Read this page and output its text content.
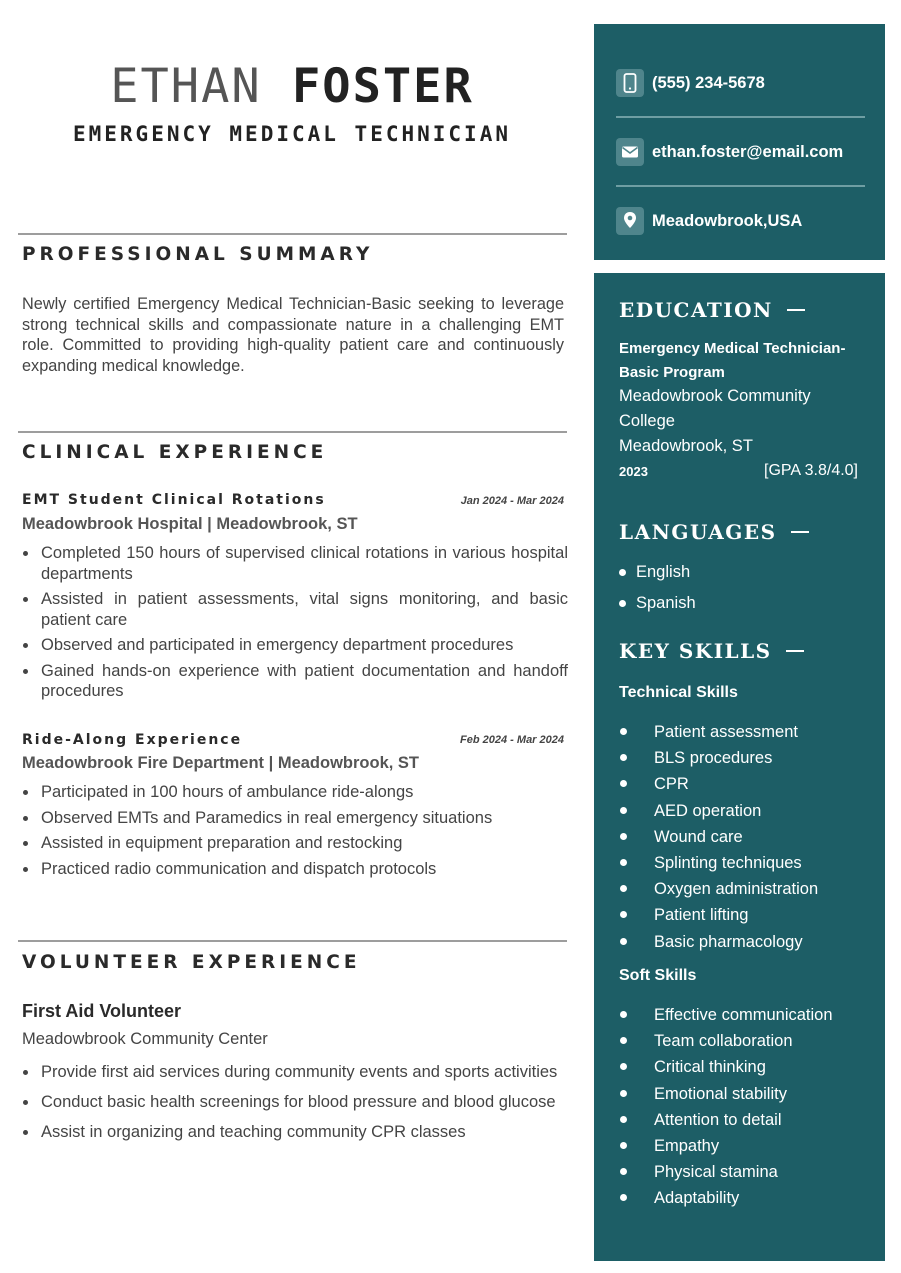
ETHAN FOSTER
EMERGENCY MEDICAL TECHNICIAN
PROFESSIONAL SUMMARY
Newly certified Emergency Medical Technician-Basic seeking to leverage strong technical skills and compassionate nature in a challenging EMT role. Committed to providing high-quality patient care and continuously expanding medical knowledge.
CLINICAL EXPERIENCE
EMT Student Clinical Rotations	Jan 2024 - Mar 2024
Meadowbrook Hospital | Meadowbrook, ST
Completed 150 hours of supervised clinical rotations in various hospital departments
Assisted in patient assessments, vital signs monitoring, and basic patient care
Observed and participated in emergency department procedures
Gained hands-on experience with patient documentation and handoff procedures
Ride-Along Experience	Feb 2024 - Mar 2024
Meadowbrook Fire Department | Meadowbrook, ST
Participated in 100 hours of ambulance ride-alongs
Observed EMTs and Paramedics in real emergency situations
Assisted in equipment preparation and restocking
Practiced radio communication and dispatch protocols
VOLUNTEER EXPERIENCE
First Aid Volunteer
Meadowbrook Community Center
Provide first aid services during community events and sports activities
Conduct basic health screenings for blood pressure and blood glucose
Assist in organizing and teaching community CPR classes
(555) 234-5678
ethan.foster@email.com
Meadowbrook,USA
EDUCATION
Emergency Medical Technician-Basic Program
Meadowbrook Community College
Meadowbrook, ST
2023	[GPA 3.8/4.0]
LANGUAGES
English
Spanish
KEY SKILLS
Technical Skills
Patient assessment
BLS procedures
CPR
AED operation
Wound care
Splinting techniques
Oxygen administration
Patient lifting
Basic pharmacology
Soft Skills
Effective communication
Team collaboration
Critical thinking
Emotional stability
Attention to detail
Empathy
Physical stamina
Adaptability
